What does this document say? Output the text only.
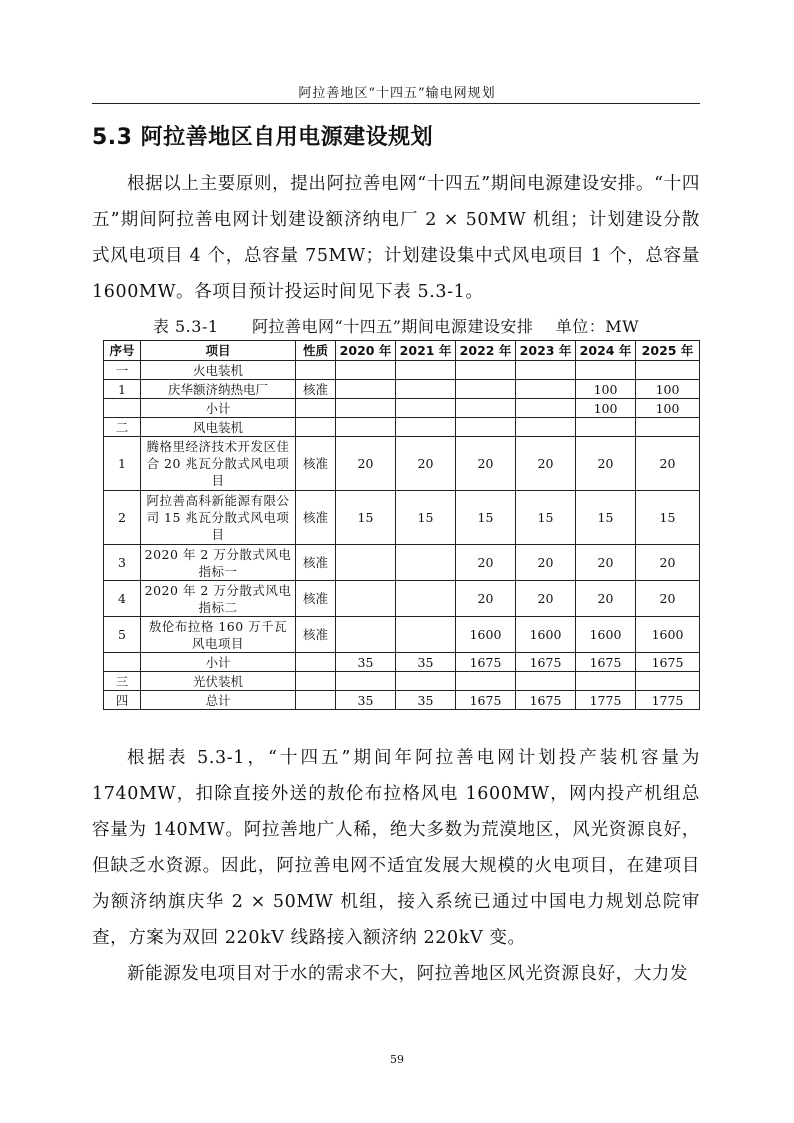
阿拉善地区“十四五”输电网规划
5.3 阿拉善地区自用电源建设规划
根据以上主要原则，提出阿拉善电网“十四五”期间电源建设安排。“十四五”期间阿拉善电网计划建设额济纳电厂 2 × 50MW 机组；计划建设分散式风电项目 4 个，总容量 75MW；计划建设集中式风电项目 1 个，总容量 1600MW。各项目预计投运时间见下表 5.3-1。
表 5.3-1      阿拉善电网“十四五”期间电源建设安排    单位：MW
序号	项目	性质	2020 年	2021 年	2022 年	2023 年	2024 年	2025 年
一	火电装机							
1	庆华额济纳热电厂	核准					100	100
	小计						100	100
二	风电装机							
1	腾格里经济技术开发区佳合 20 兆瓦分散式风电项目	核准	20	20	20	20	20	20
2	阿拉善高科新能源有限公司 15 兆瓦分散式风电项目	核准	15	15	15	15	15	15
3	2020 年 2 万分散式风电指标一	核准			20	20	20	20
4	2020 年 2 万分散式风电指标二	核准			20	20	20	20
5	敖伦布拉格 160 万千瓦风电项目	核准			1600	1600	1600	1600
	小计		35	35	1675	1675	1675	1675
三	光伏装机							
四	总计		35	35	1675	1675	1775	1775
根据表 5.3-1，“十四五”期间年阿拉善电网计划投产装机容量为 1740MW，扣除直接外送的敖伦布拉格风电 1600MW，网内投产机组总容量为 140MW。阿拉善地广人稀，绝大多数为荒漠地区，风光资源良好，但缺乏水资源。因此，阿拉善电网不适宜发展大规模的火电项目，在建项目为额济纳旗庆华 2 × 50MW 机组，接入系统已通过中国电力规划总院审查，方案为双回 220kV 线路接入额济纳 220kV 变。
新能源发电项目对于水的需求不大，阿拉善地区风光资源良好，大力发
59
